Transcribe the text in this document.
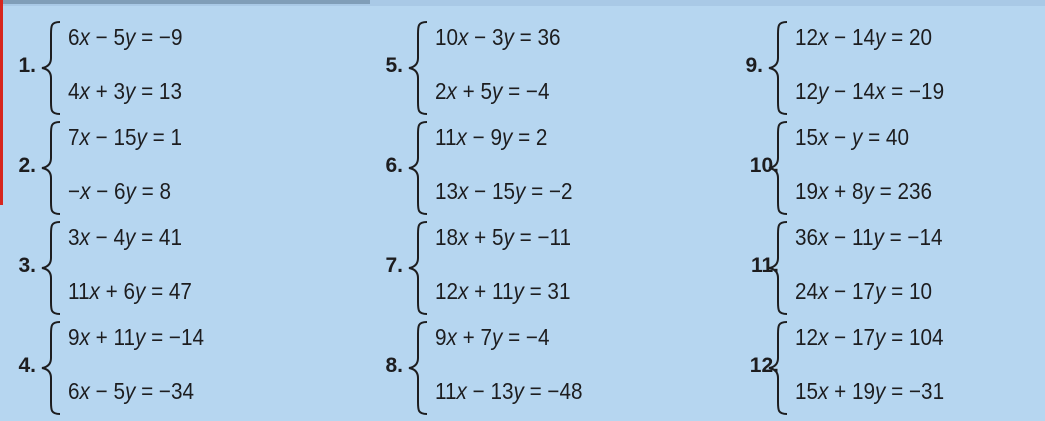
1.
6x − 5y = −9
4x + 3y = 13
2.
7x − 15y = 1
−x − 6y = 8
3.
3x − 4y = 41
11x + 6y = 47
4.
9x + 11y = −14
6x − 5y = −34
5.
10x − 3y = 36
2x + 5y = −4
6.
11x − 9y = 2
13x − 15y = −2
7.
18x + 5y = −11
12x + 11y = 31
8.
9x + 7y = −4
11x − 13y = −48
9.
12x − 14y = 20
12y − 14x = −19
10.
15x − y = 40
19x + 8y = 236
11.
36x − 11y = −14
24x − 17y = 10
12.
12x − 17y = 104
15x + 19y = −31
